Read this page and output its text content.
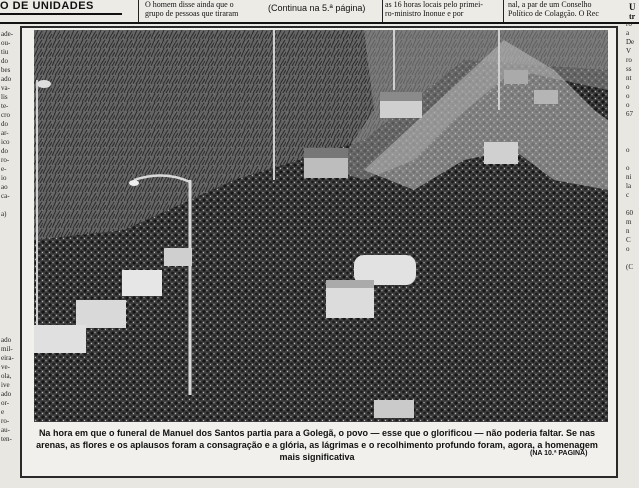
O DE UNIDADES	O homem disse ainda que o
grupo de pessoas que tiraram
(Continua na 5.ª página) as 16 horas locais pelo primei-
ro-ministro Inonue e por
nal, a par de um Conselho
Político de Colagção. O Rec
U
tr
ade-
ou-
tiu
do
bes
ado
va-
lis
te-
cro
do
ar-
ico
do
ro-
e-
io
ao
ca-

a)

ado
mil-
eira-
ve-
ola,
ive
ado
or-
e
ro-
au-
ten-
ro
a
De
V
ro
ss
nt
o
o
o
67

o

o
ni
la
c

60
m
n
C
o

(C
Na hora em que o funeral de Manuel dos Santos partia para a Golegã, o povo — esse que o glorificou — não poderia faltar. Se nas arenas, as flores e os aplausos foram a consagração e a glória, as lágrimas e o recolhimento profundo foram, agora, a homenagem mais significativa	(NA 10.ª PAGINA)
